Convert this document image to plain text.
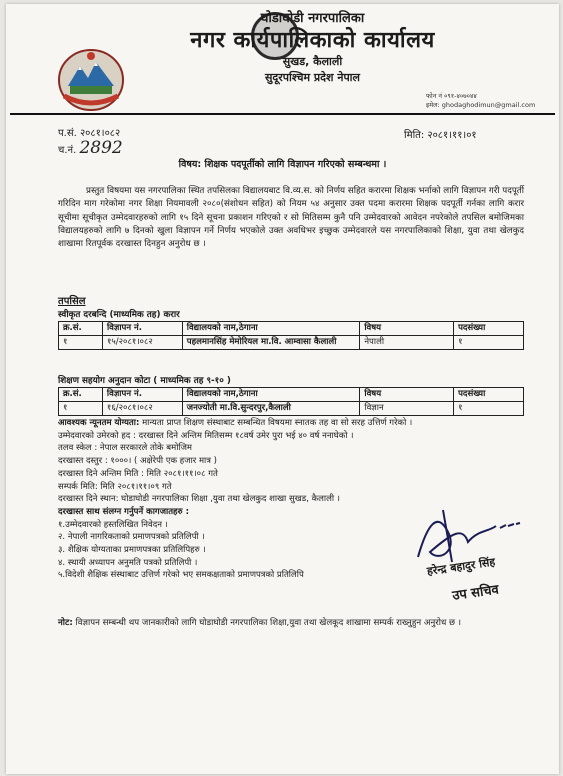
घोडाघोडी नगरपालिका
नगर कार्यपालिकाको कार्यालय
सुखड, कैलाली
सुदूरपश्चिम प्रदेश नेपाल
फोन नं ०९१-४०७०४४
इमेल: ghodaghodimun@gmail.com
प.सं. २०८१।०८२
च.नं. 2892
मिति: २०८१।११।०१
विषय: शिक्षक पदपूर्तीको लागि विज्ञापन गरिएको सम्बन्धमा ।
प्रस्तुत विषयमा यस नगरपालिका स्थित तपसिलका विद्यालयबाट वि.व्य.स. को निर्णय सहित करारमा शिक्षक भर्नाको लागि विज्ञापन गरी पदपूर्ती गरिदिन माग गरेकोमा नगर शिक्षा नियमावली २०८०(संशोधन सहित) को नियम ५४ अनुसार उक्त पदमा करारमा शिक्षक पदपूर्ती गर्नका लागि करार सूचीमा सूचीकृत उम्मेदवारहरुको लागि १५ दिने सूचना प्रकाशन गरिएको र सो मितिसम्म कुनै पनि उम्मेदवारको आवेदन नपरेकोले तपसिल बमोजिमका विद्यालयहरुको लागि ७ दिनको खुला विज्ञापन गर्ने निर्णय भएकोले उक्त अवधिभर इच्छुक उम्मेदवारले यस नगरपालिकाको शिक्षा, युवा तथा खेलकुद शाखामा रितपूर्वक दरखास्त दिनहुन अनुरोध छ ।
तपसिल
स्वीकृत दरबन्दि (माध्यमिक तह) करार
क्र.सं.	विज्ञापन नं.	विद्यालयको नाम,ठेगाना	विषय	पदसंख्या
१	१५/२०८१।०८२	पहलमानसिंह मेमोरियल मा.वि. आम्वासा कैलाली	नेपाली	१
शिक्षण सहयोग अनुदान कोटा ( माध्यमिक तह ९-१० )
क्र.सं.	विज्ञापन नं.	विद्यालयको नाम,ठेगाना	विषय	पदसंख्या
१	१६/२०८१।०८२	जनज्योती मा.वि.सुन्दरपुर,कैलाली	विज्ञान	१
आवश्यक न्यूनतम योग्यता: मान्यता प्राप्त शिक्षण संस्थाबाट सम्बन्धित विषयमा स्नातक तह वा सो सरह उत्तिर्ण गरेको ।
उम्मेदवारको उमेरको हद : दरखास्त दिने अन्तिम मितिसम्म १८वर्ष उमेर पुरा भई ४० वर्ष ननाघेको ।
तलव स्केल : नेपाल सरकारले तोके बमोजिम
दरखास्त दस्तुर : १०००। ( अक्षेरेपी एक हजार मात्र )
दरखास्त दिने अन्तिम मिति : मिति २०८१।११।०८ गते
सम्पर्क मिति: मिति २०८१।११।०९ गते
दरखास्त दिने स्थान: घोडाघोडी नगरपालिका शिक्षा ,युवा तथा खेलकुद शाखा सुखड, कैलाली ।
दरखास्त साथ संलग्न गर्नुपर्ने कागजातहरु :
१.उम्मेदवारको हस्तलिखित निवेदन ।
२. नेपाली नागरिकताको प्रमाणपत्रको प्रतिलिपी ।
३. शैक्षिक योग्यताका प्रमाणपत्रका प्रतिलिपिहरु ।
४. स्थायी अध्यापन अनुमति पत्रको प्रतिलिपी ।
५.विदेशी शैक्षिक संस्थाबाट उत्तिर्ण गरेको भए समकक्षताको प्रमाणपत्रको प्रतिलिपि	हरेन्द्र बहादुर सिंह
उप सचिव
नोट: विज्ञापन सम्बन्धी थप जानकारीको लागि घोडाघोडी नगरपालिका शिक्षा,युवा तथा खेलकूद शाखामा सम्पर्क राख्नुहुन अनुरोध छ ।
